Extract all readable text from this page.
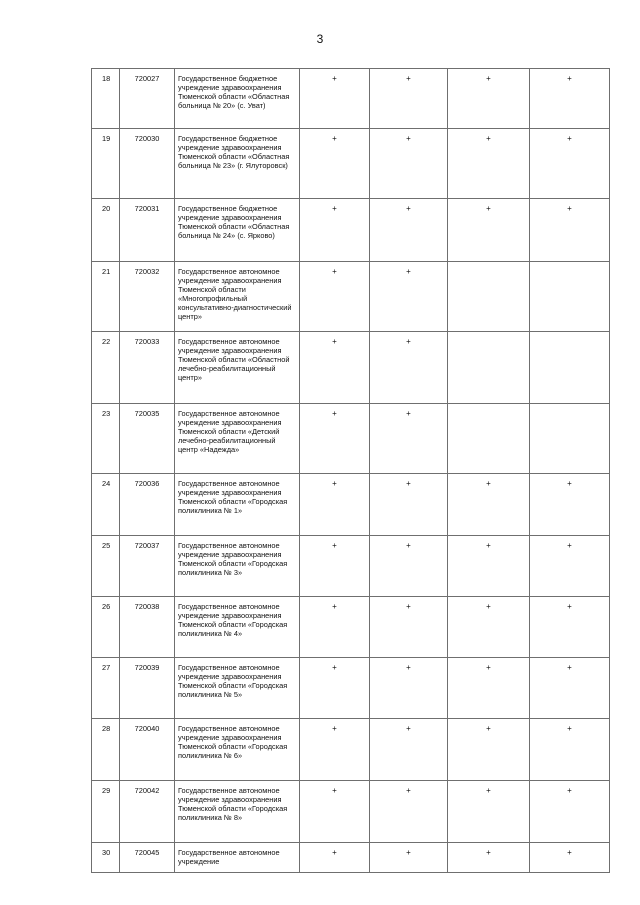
3
18	720027	Государственное бюджетное учреждение здравоохранения Тюменской области «Областная больница № 20» (с. Уват)	+	+	+	+
19	720030	Государственное бюджетное учреждение здравоохранения Тюменской области «Областная больница № 23» (г. Ялуторовск)	+	+	+	+
20	720031	Государственное бюджетное учреждение здравоохранения Тюменской области «Областная больница № 24» (с. Ярково)	+	+	+	+
21	720032	Государственное автономное учреждение здравоохранения Тюменской области «Многопрофильный консультативно-диагностический центр»	+	+		
22	720033	Государственное автономное учреждение здравоохранения Тюменской области «Областной лечебно-реабилитационный центр»	+	+		
23	720035	Государственное автономное учреждение здравоохранения Тюменской области «Детский лечебно-реабилитационный центр «Надежда»	+	+		
24	720036	Государственное автономное учреждение здравоохранения Тюменской области «Городская поликлиника № 1»	+	+	+	+
25	720037	Государственное автономное учреждение здравоохранения Тюменской области «Городская поликлиника № 3»	+	+	+	+
26	720038	Государственное автономное учреждение здравоохранения Тюменской области «Городская поликлиника № 4»	+	+	+	+
27	720039	Государственное автономное учреждение здравоохранения Тюменской области «Городская поликлиника № 5»	+	+	+	+
28	720040	Государственное автономное учреждение здравоохранения Тюменской области «Городская поликлиника № 6»	+	+	+	+
29	720042	Государственное автономное учреждение здравоохранения Тюменской области «Городская поликлиника № 8»	+	+	+	+
30	720045	Государственное автономное учреждение	+	+	+	+
